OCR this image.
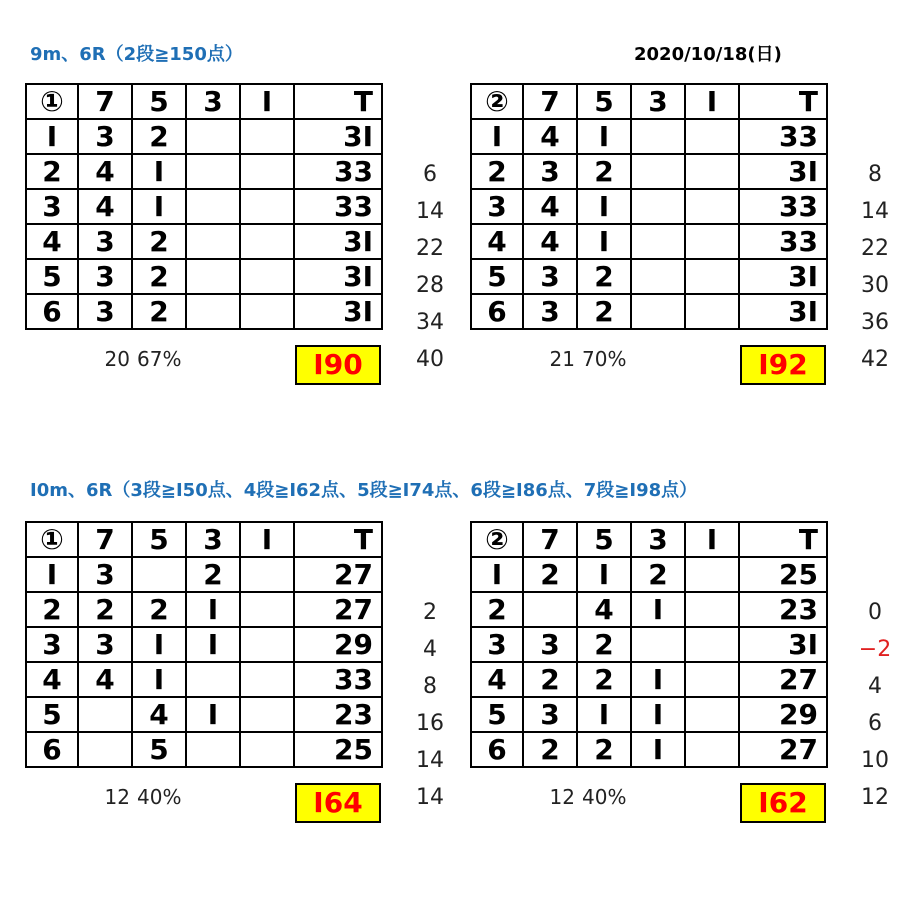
9m、6R（2段≧150点）	2020/10/18(日)
I0m、6R（3段≧I50点、4段≧I62点、5段≧I74点、6段≧I86点、7段≧I98点）
①	7	5	3	I	T
I	3	2			3I
2	4	I			33
3	4	I			33
4	3	2			3I
5	3	2			3I
6	3	2			3I
6
14
22
28
34
40
20 67%	I90
②	7	5	3	I	T
I	4	I			33
2	3	2			3I
3	4	I			33
4	4	I			33
5	3	2			3I
6	3	2			3I
8
14
22
30
36
42
21 70%	I92
①	7	5	3	I	T
I	3		2		27
2	2	2	I		27
3	3	I	I		29
4	4	I			33
5		4	I		23
6		5			25
2
4
8
16
14
14
12 40%	I64
②	7	5	3	I	T
I	2	I	2		25
2		4	I		23
3	3	2			3I
4	2	2	I		27
5	3	I	I		29
6	2	2	I		27
0
−2
4
6
10
12
12 40%	I62
